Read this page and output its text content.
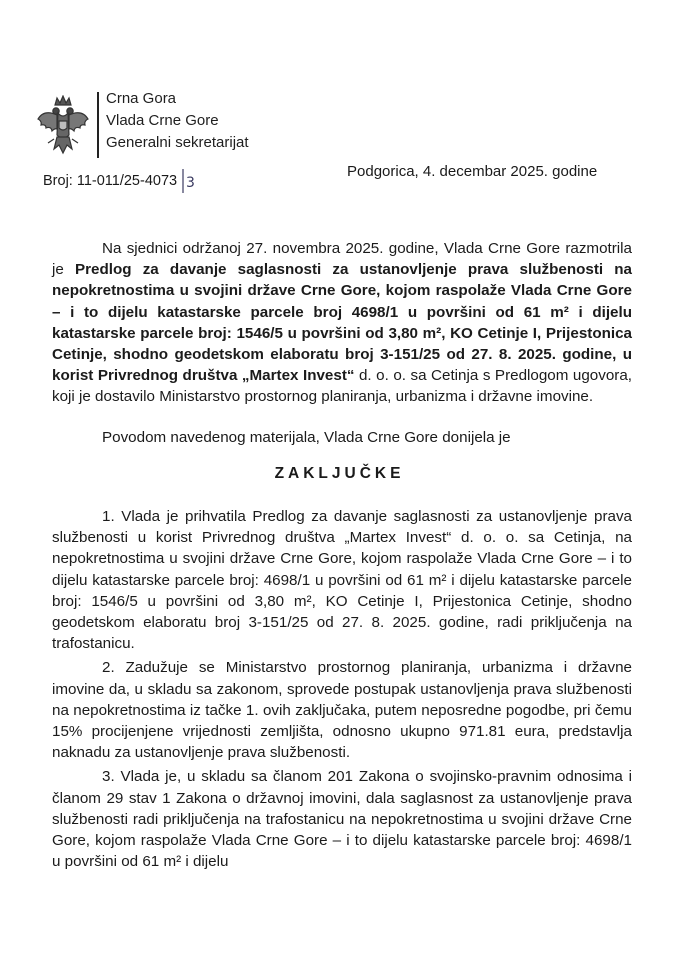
Crna Gora
Vlada Crne Gore
Generalni sekretarijat
Broj: 11-011/25-4073 3
Podgorica, 4. decembar 2025. godine

Na sjednici održanoj 27. novembra 2025. godine, Vlada Crne Gore razmotrila je Predlog za davanje saglasnosti za ustanovljenje prava službenosti na nepokretnostima u svojini države Crne Gore, kojom raspolaže Vlada Crne Gore – i to dijelu katastarske parcele broj 4698/1 u površini od 61 m² i dijelu katastarske parcele broj: 1546/5 u površini od 3,80 m², KO Cetinje I, Prijestonica Cetinje, shodno geodetskom elaboratu broj 3-151/25 od 27. 8. 2025. godine, u korist Privrednog društva „Martex Invest“ d. o. o. sa Cetinja s Predlogom ugovora, koji je dostavilo Ministarstvo prostornog planiranja, urbanizma i državne imovine.

Povodom navedenog materijala, Vlada Crne Gore donijela je
ZAKLJUČKE

1. Vlada je prihvatila Predlog za davanje saglasnosti za ustanovljenje prava službenosti u korist Privrednog društva „Martex Invest“ d. o. o. sa Cetinja, na nepokretnostima u svojini države Crne Gore, kojom raspolaže Vlada Crne Gore – i to dijelu katastarske parcele broj: 4698/1 u površini od 61 m² i dijelu katastarske parcele broj: 1546/5 u površini od 3,80 m², KO Cetinje I, Prijestonica Cetinje, shodno geodetskom elaboratu broj 3-151/25 od 27. 8. 2025. godine, radi priključenja na trafostanicu.

2. Zadužuje se Ministarstvo prostornog planiranja, urbanizma i državne imovine da, u skladu sa zakonom, sprovede postupak ustanovljenja prava službenosti na nepokretnostima iz tačke 1. ovih zaključaka, putem neposredne pogodbe, pri čemu 15% procijenjene vrijednosti zemljišta, odnosno ukupno 971.81 eura, predstavlja naknadu za ustanovljenje prava službenosti.

3. Vlada je, u skladu sa članom 201 Zakona o svojinsko-pravnim odnosima i članom 29 stav 1 Zakona o državnoj imovini, dala saglasnost za ustanovljenje prava službenosti radi priključenja na trafostanicu na nepokretnostima u svojini države Crne Gore, kojom raspolaže Vlada Crne Gore – i to dijelu katastarske parcele broj: 4698/1 u površini od 61 m² i dijelu
